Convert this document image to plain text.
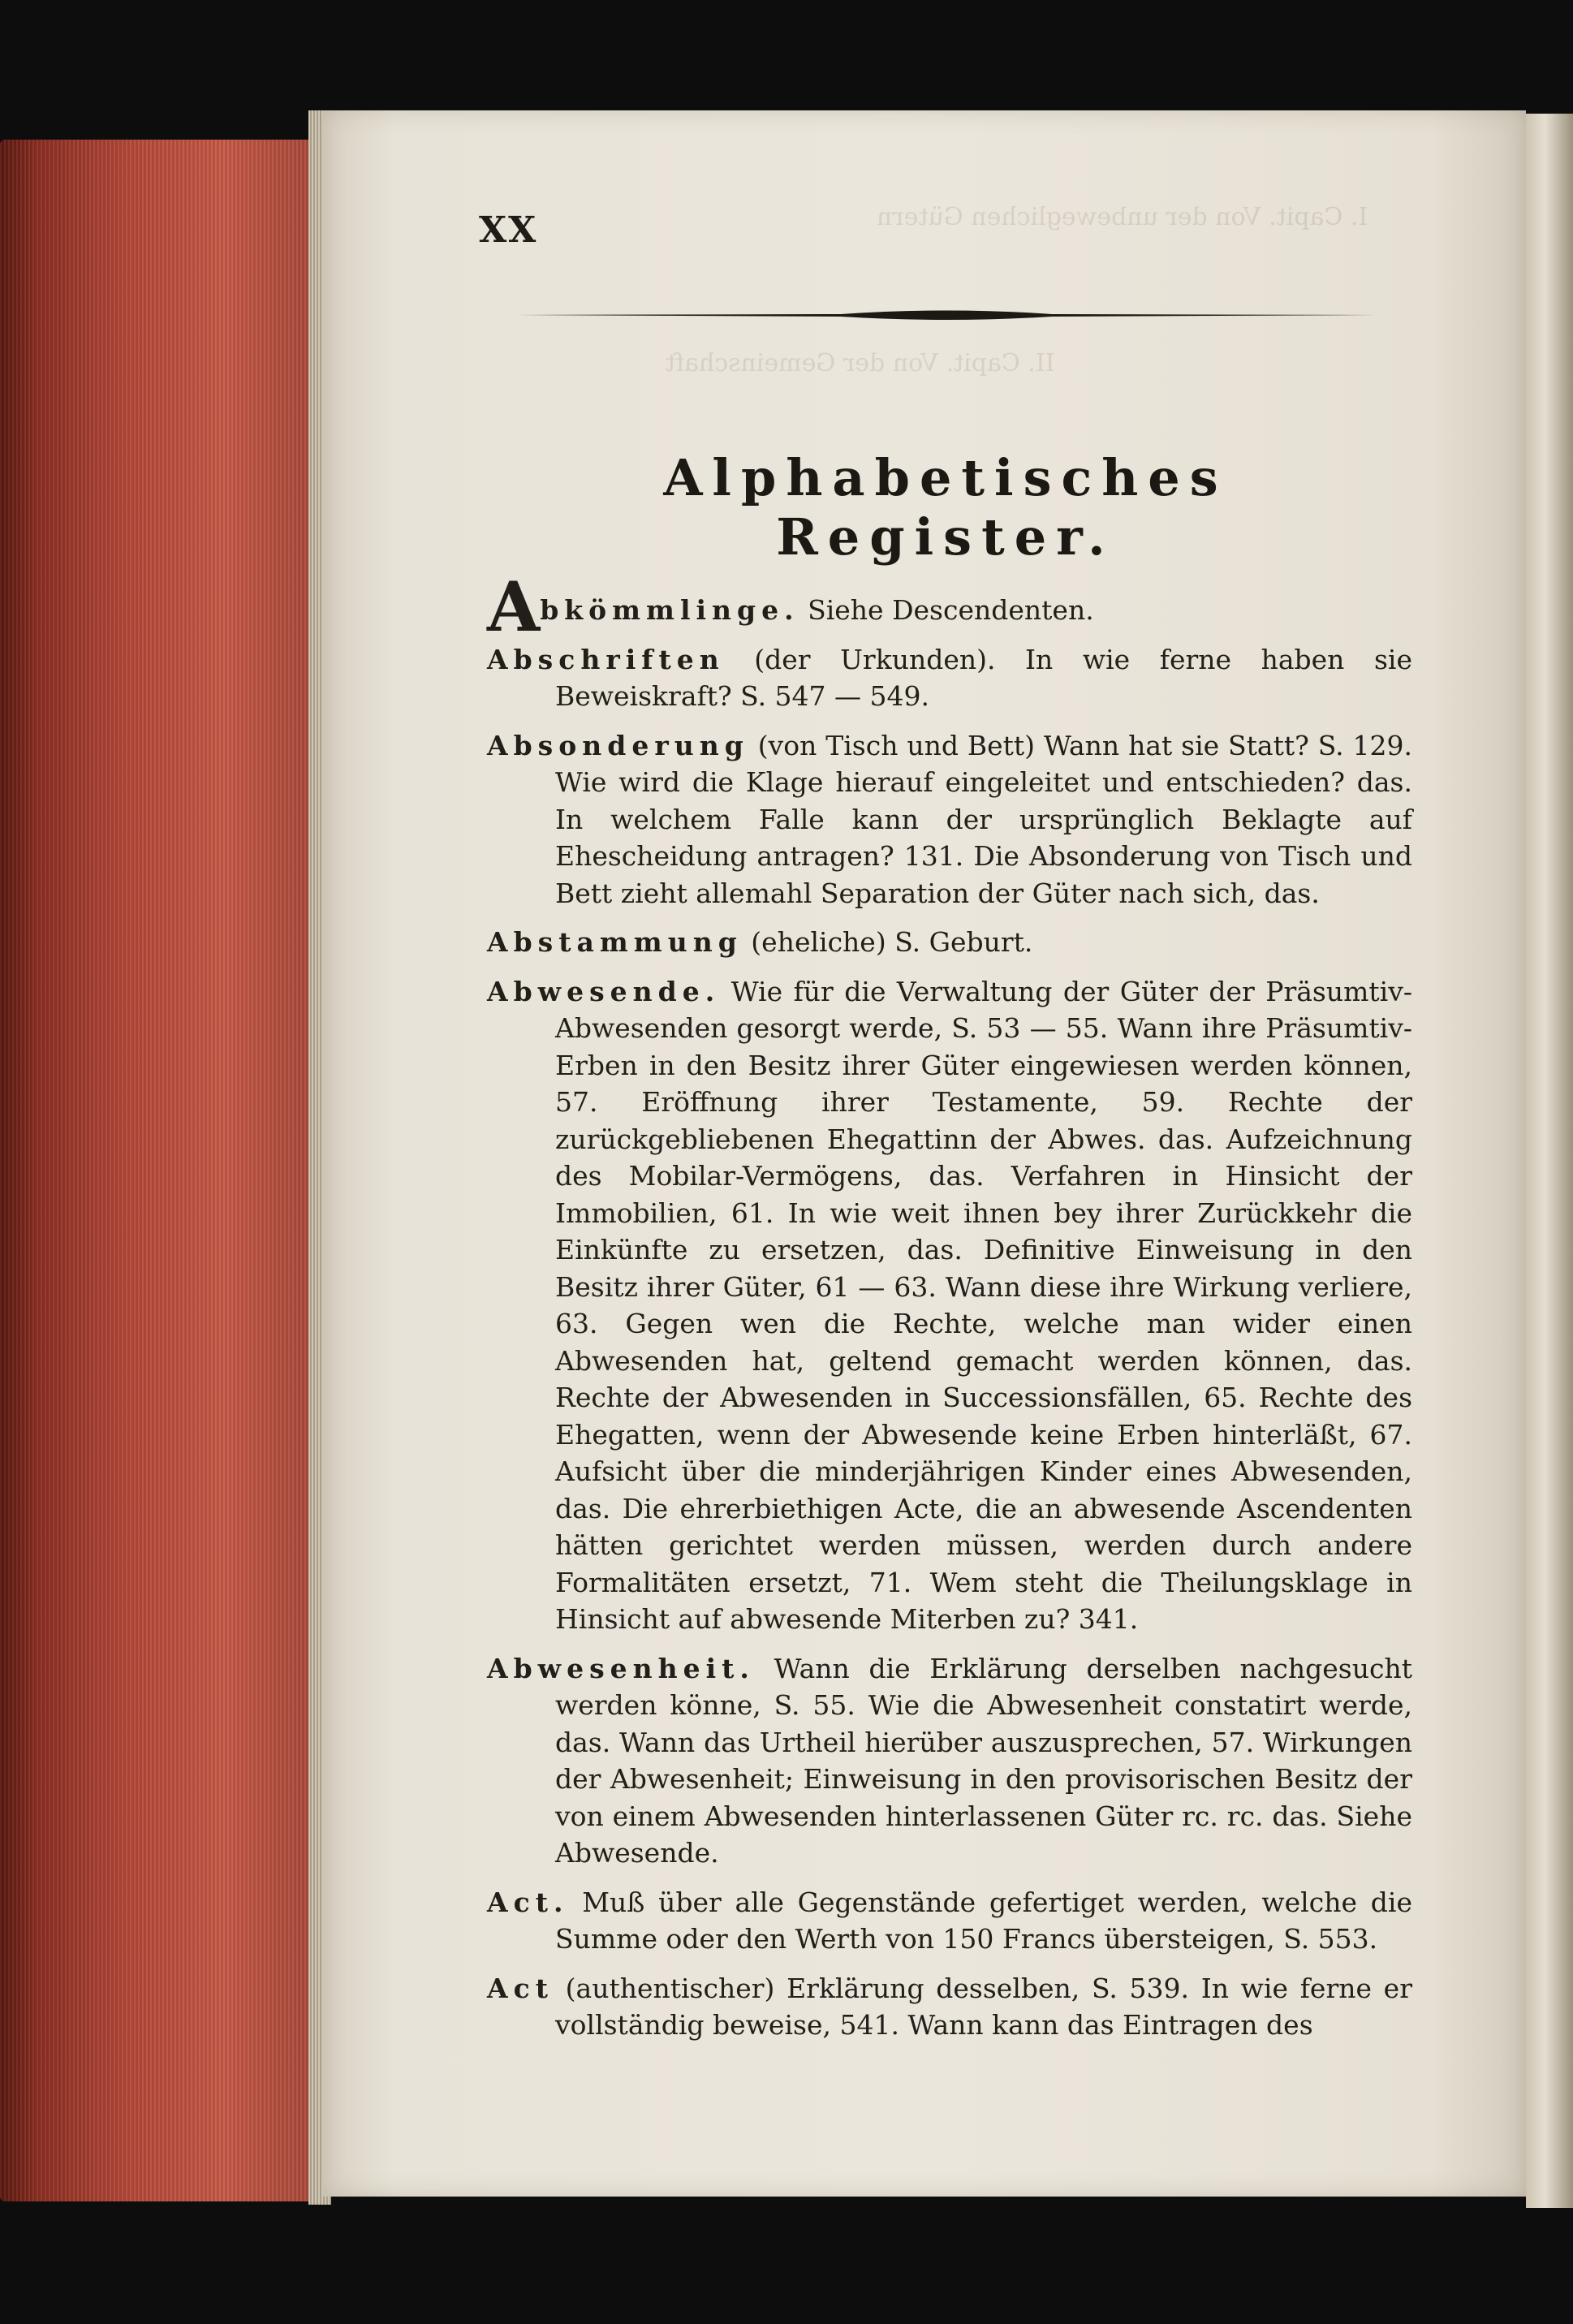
I. Capit. Von der unbeweglichen Gütern
II. Capit. Von der Gemeinschaft
XX
Alphabetisches Register.

Abkömmlinge. Siehe Descendenten.

Abschriften (der Urkunden). In wie ferne haben sie Beweiskraft? S. 547 — 549.

Absonderung (von Tisch und Bett) Wann hat sie Statt? S. 129. Wie wird die Klage hierauf eingeleitet und entschieden? das. In welchem Falle kann der ursprünglich Beklagte auf Ehescheidung antragen? 131. Die Absonderung von Tisch und Bett zieht allemahl Separation der Güter nach sich, das.

Abstammung (eheliche) S. Geburt.

Abwesende. Wie für die Verwaltung der Güter der Präsumtiv-Abwesenden gesorgt werde, S. 53 — 55. Wann ihre Präsumtiv-Erben in den Besitz ihrer Güter eingewiesen werden können, 57. Eröffnung ihrer Testamente, 59. Rechte der zurückgebliebenen Ehegattinn der Abwes. das. Aufzeichnung des Mobilar-Vermögens, das. Verfahren in Hinsicht der Immobilien, 61. In wie weit ihnen bey ihrer Zurückkehr die Einkünfte zu ersetzen, das. Definitive Einweisung in den Besitz ihrer Güter, 61 — 63. Wann diese ihre Wirkung verliere, 63. Gegen wen die Rechte, welche man wider einen Abwesenden hat, geltend gemacht werden können, das. Rechte der Abwesenden in Successionsfällen, 65. Rechte des Ehegatten, wenn der Abwesende keine Erben hinterläßt, 67. Aufsicht über die minderjährigen Kinder eines Abwesenden, das. Die ehrerbiethigen Acte, die an abwesende Ascendenten hätten gerichtet werden müssen, werden durch andere Formalitäten ersetzt, 71. Wem steht die Theilungsklage in Hinsicht auf abwesende Miterben zu? 341.

Abwesenheit. Wann die Erklärung derselben nachgesucht werden könne, S. 55. Wie die Abwesenheit constatirt werde, das. Wann das Urtheil hierüber auszusprechen, 57. Wirkungen der Abwesenheit; Einweisung in den provisorischen Besitz der von einem Abwesenden hinterlassenen Güter rc. rc. das. Siehe Abwesende.

Act. Muß über alle Gegenstände gefertiget werden, welche die Summe oder den Werth von 150 Francs übersteigen, S. 553.

Act (authentischer) Erklärung desselben, S. 539. In wie ferne er vollständig beweise, 541. Wann kann das Eintragen des
